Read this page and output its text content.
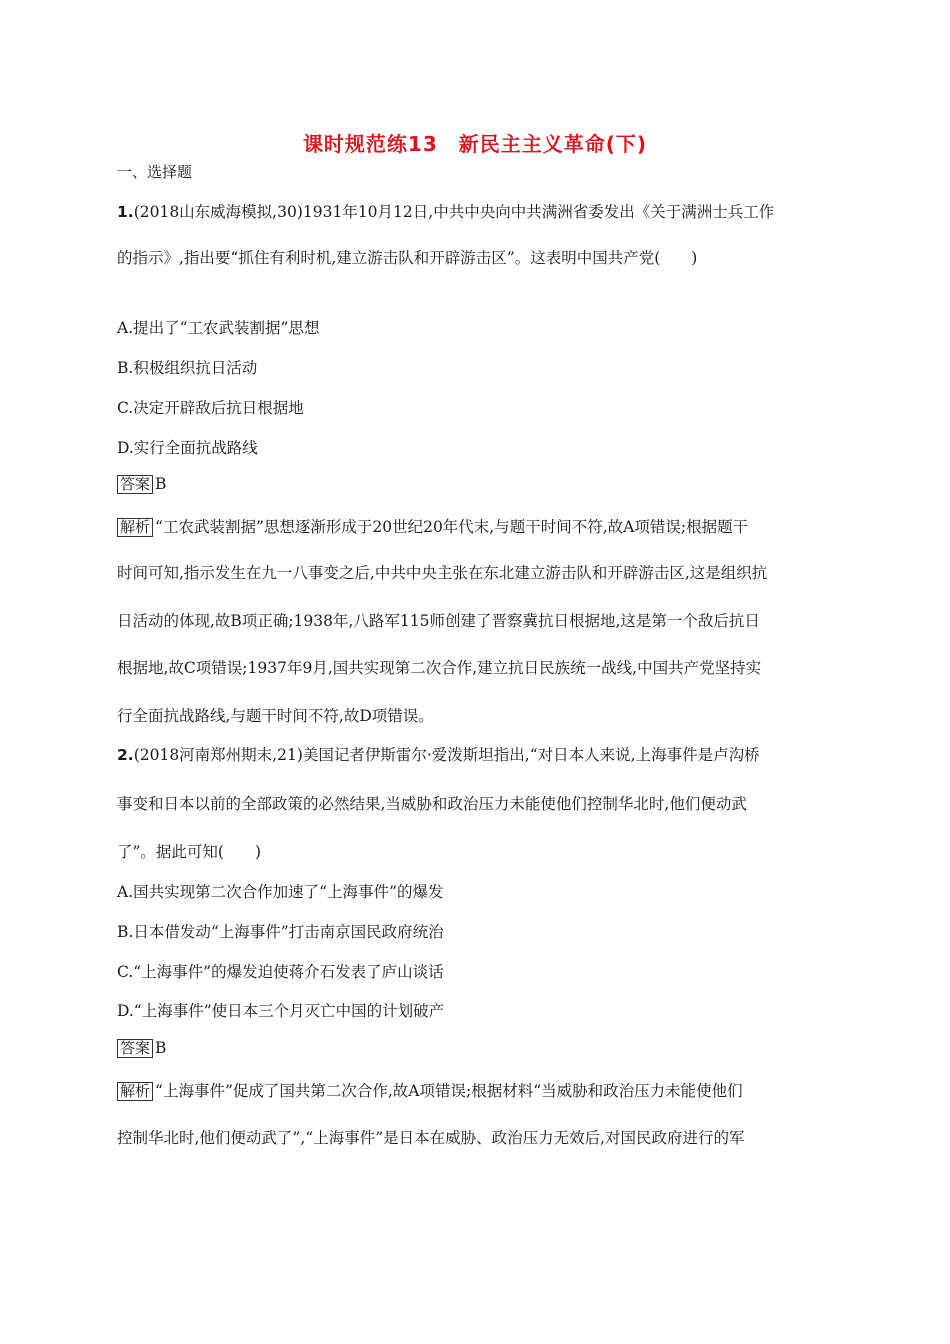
课时规范练13　新民主主义革命(下)
一、选择题
1.(2018山东威海模拟,30)1931年10月12日,中共中央向中共满洲省委发出《关于满洲士兵工作
的指示》,指出要“抓住有利时机,建立游击队和开辟游击区”。这表明中国共产党(　　)
A.提出了“工农武装割据”思想
B.积极组织抗日活动
C.决定开辟敌后抗日根据地
D.实行全面抗战路线
答案 B
解析 “工农武装割据”思想逐渐形成于20世纪20年代末,与题干时间不符,故A项错误;根据题干
时间可知,指示发生在九一八事变之后,中共中央主张在东北建立游击队和开辟游击区,这是组织抗
日活动的体现,故B项正确;1938年,八路军115师创建了晋察冀抗日根据地,这是第一个敌后抗日
根据地,故C项错误;1937年9月,国共实现第二次合作,建立抗日民族统一战线,中国共产党坚持实
行全面抗战路线,与题干时间不符,故D项错误。
2.(2018河南郑州期末,21)美国记者伊斯雷尔·爱泼斯坦指出,“对日本人来说,上海事件是卢沟桥
事变和日本以前的全部政策的必然结果,当威胁和政治压力未能使他们控制华北时,他们便动武
了”。据此可知(　　)
A.国共实现第二次合作加速了“上海事件”的爆发
B.日本借发动“上海事件”打击南京国民政府统治
C.“上海事件”的爆发迫使蒋介石发表了庐山谈话
D.“上海事件”使日本三个月灭亡中国的计划破产
答案 B
解析 “上海事件”促成了国共第二次合作,故A项错误;根据材料“当威胁和政治压力未能使他们
控制华北时,他们便动武了”,“上海事件”是日本在威胁、政治压力无效后,对国民政府进行的军
